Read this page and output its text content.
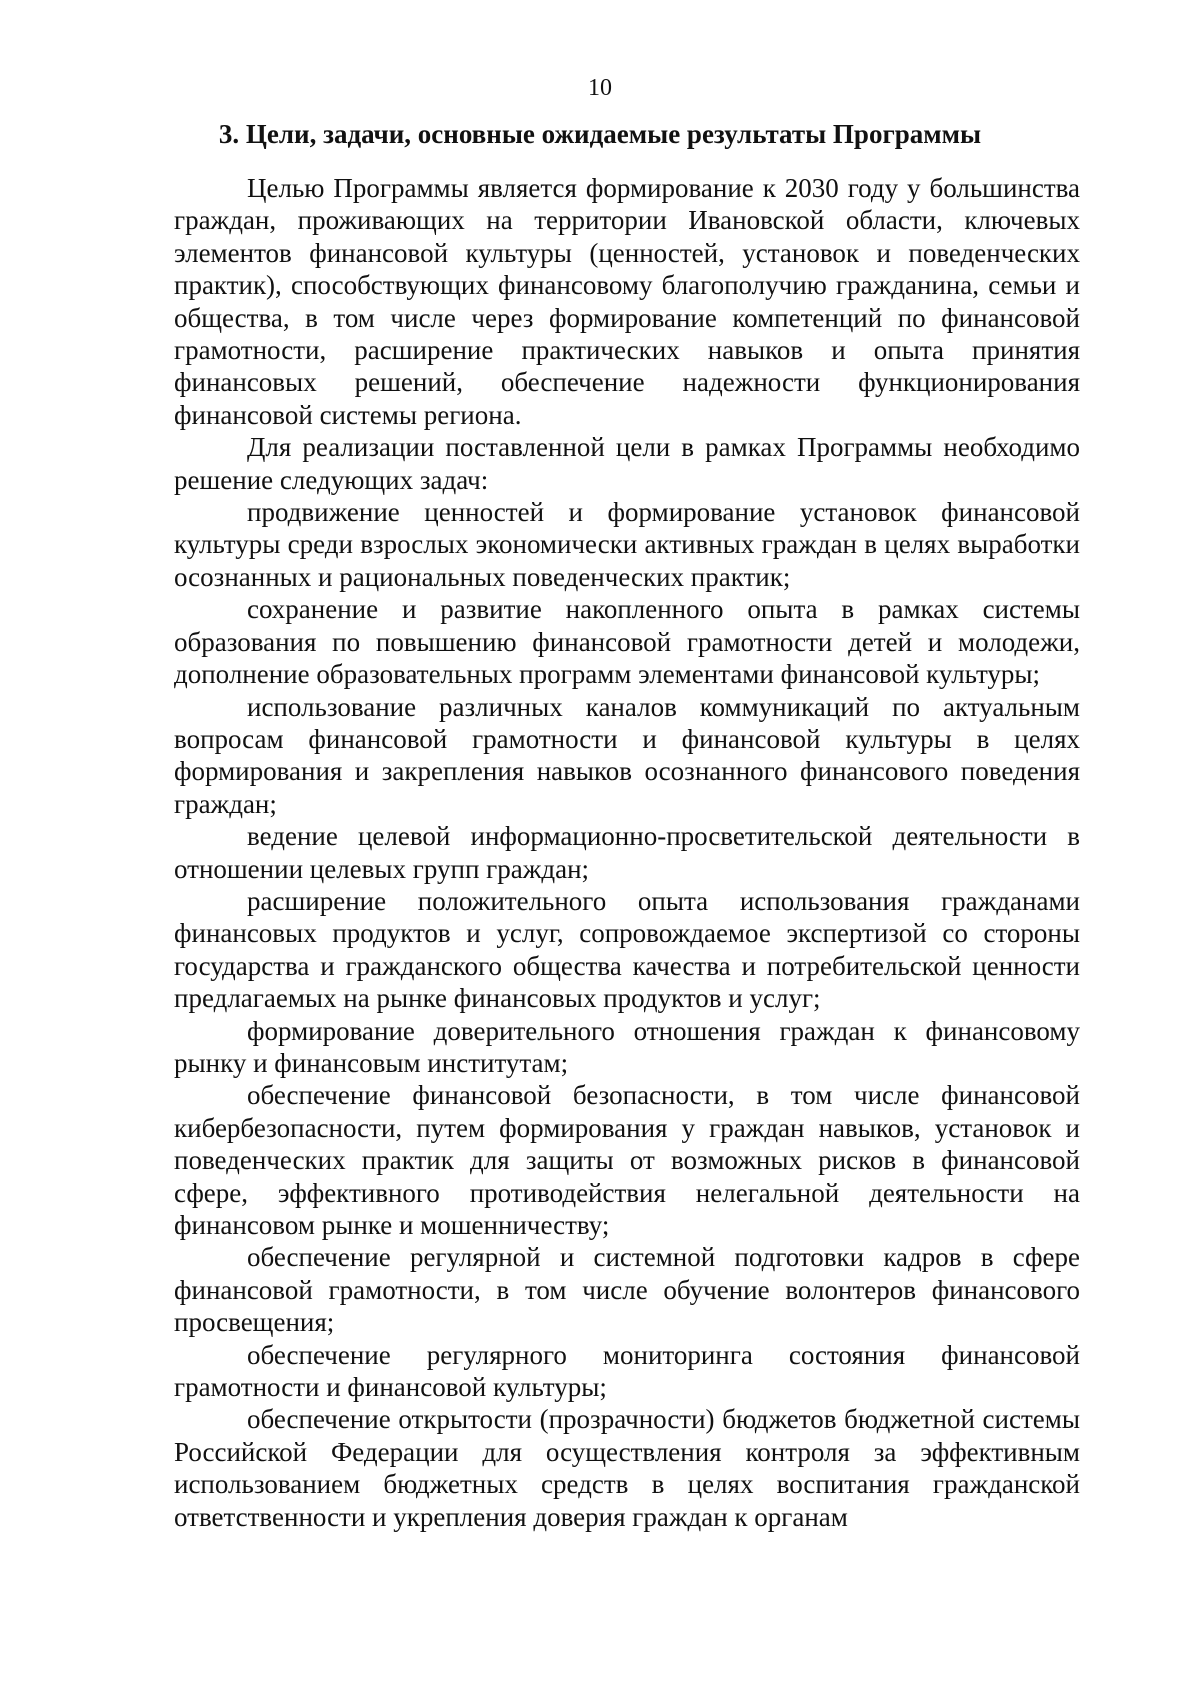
10
3. Цели, задачи, основные ожидаемые результаты Программы

Целью Программы является формирование к 2030 году у большинства граждан, проживающих на территории Ивановской области, ключевых элементов финансовой культуры (ценностей, установок и поведенческих практик), способствующих финансовому благополучию гражданина, семьи и общества, в том числе через формирование компетенций по финансовой грамотности, расширение практических навыков и опыта принятия финансовых решений, обеспечение надежности функционирования финансовой системы региона.

Для реализации поставленной цели в рамках Программы необходимо решение следующих задач:

продвижение ценностей и формирование установок финансовой культуры среди взрослых экономически активных граждан в целях выработки осознанных и рациональных поведенческих практик;

сохранение и развитие накопленного опыта в рамках системы образования по повышению финансовой грамотности детей и молодежи, дополнение образовательных программ элементами финансовой культуры;

использование различных каналов коммуникаций по актуальным вопросам финансовой грамотности и финансовой культуры в целях формирования и закрепления навыков осознанного финансового поведения граждан;

ведение целевой информационно-просветительской деятельности в отношении целевых групп граждан;

расширение положительного опыта использования гражданами финансовых продуктов и услуг, сопровождаемое экспертизой со стороны государства и гражданского общества качества и потребительской ценности предлагаемых на рынке финансовых продуктов и услуг;

формирование доверительного отношения граждан к финансовому рынку и финансовым институтам;

обеспечение финансовой безопасности, в том числе финансовой кибербезопасности, путем формирования у граждан навыков, установок и поведенческих практик для защиты от возможных рисков в финансовой сфере, эффективного противодействия нелегальной деятельности на финансовом рынке и мошенничеству;

обеспечение регулярной и системной подготовки кадров в сфере финансовой грамотности, в том числе обучение волонтеров финансового просвещения;

обеспечение регулярного мониторинга состояния финансовой грамотности и финансовой культуры;

обеспечение открытости (прозрачности) бюджетов бюджетной системы Российской Федерации для осуществления контроля за эффективным использованием бюджетных средств в целях воспитания гражданской ответственности и укрепления доверия граждан к органам
